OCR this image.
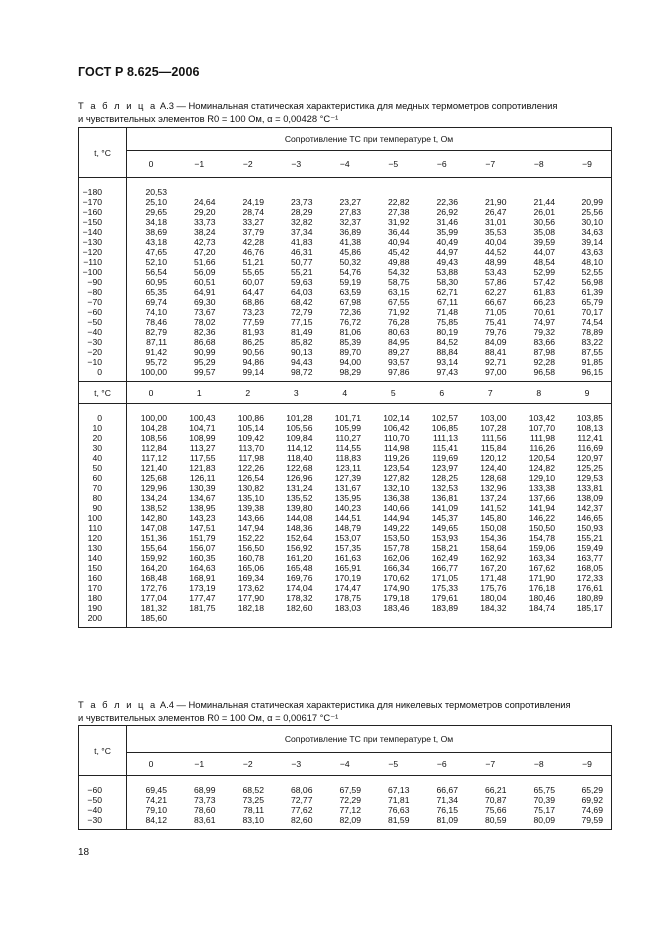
ГОСТ Р 8.625—2006
Т а б л и ц а А.3 — Номинальная статическая характеристика для медных термометров сопротивления
и чувствительных элементов R0 = 100 Ом, α = 0,00428 °С⁻¹
t, °С	Сопротивление ТС при температуре t, Ом									
	0	−1	−2	−3	−4	−5	−6	−7	−8	−9
−180	20,53									
−170	25,10	24,64	24,19	23,73	23,27	22,82	22,36	21,90	21,44	20,99
−160	29,65	29,20	28,74	28,29	27,83	27,38	26,92	26,47	26,01	25,56
−150	34,18	33,73	33,27	32,82	32,37	31,92	31,46	31,01	30,56	30,10
−140	38,69	38,24	37,79	37,34	36,89	36,44	35,99	35,53	35,08	34,63
−130	43,18	42,73	42,28	41,83	41,38	40,94	40,49	40,04	39,59	39,14
−120	47,65	47,20	46,76	46,31	45,86	45,42	44,97	44,52	44,07	43,63
−110	52,10	51,66	51,21	50,77	50,32	49,88	49,43	48,99	48,54	48,10
−100	56,54	56,09	55,65	55,21	54,76	54,32	53,88	53,43	52,99	52,55
−90	60,95	60,51	60,07	59,63	59,19	58,75	58,30	57,86	57,42	56,98
−80	65,35	64,91	64,47	64,03	63,59	63,15	62,71	62,27	61,83	61,39
−70	69,74	69,30	68,86	68,42	67,98	67,55	67,11	66,67	66,23	65,79
−60	74,10	73,67	73,23	72,79	72,36	71,92	71,48	71,05	70,61	70,17
−50	78,46	78,02	77,59	77,15	76,72	76,28	75,85	75,41	74,97	74,54
−40	82,79	82,36	81,93	81,49	81,06	80,63	80,19	79,76	79,32	78,89
−30	87,11	86,68	86,25	85,82	85,39	84,95	84,52	84,09	83,66	83,22
−20	91,42	90,99	90,56	90,13	89,70	89,27	88,84	88,41	87,98	87,55
−10	95,72	95,29	94,86	94,43	94,00	93,57	93,14	92,71	92,28	91,85
0	100,00	99,57	99,14	98,72	98,29	97,86	97,43	97,00	96,58	96,15
t, °С	0	1	2	3	4	5	6	7	8	9
0	100,00	100,43	100,86	101,28	101,71	102,14	102,57	103,00	103,42	103,85
10	104,28	104,71	105,14	105,56	105,99	106,42	106,85	107,28	107,70	108,13
20	108,56	108,99	109,42	109,84	110,27	110,70	111,13	111,56	111,98	112,41
30	112,84	113,27	113,70	114,12	114,55	114,98	115,41	115,84	116,26	116,69
40	117,12	117,55	117,98	118,40	118,83	119,26	119,69	120,12	120,54	120,97
50	121,40	121,83	122,26	122,68	123,11	123,54	123,97	124,40	124,82	125,25
60	125,68	126,11	126,54	126,96	127,39	127,82	128,25	128,68	129,10	129,53
70	129,96	130,39	130,82	131,24	131,67	132,10	132,53	132,96	133,38	133,81
80	134,24	134,67	135,10	135,52	135,95	136,38	136,81	137,24	137,66	138,09
90	138,52	138,95	139,38	139,80	140,23	140,66	141,09	141,52	141,94	142,37
100	142,80	143,23	143,66	144,08	144,51	144,94	145,37	145,80	146,22	146,65
110	147,08	147,51	147,94	148,36	148,79	149,22	149,65	150,08	150,50	150,93
120	151,36	151,79	152,22	152,64	153,07	153,50	153,93	154,36	154,78	155,21
130	155,64	156,07	156,50	156,92	157,35	157,78	158,21	158,64	159,06	159,49
140	159,92	160,35	160,78	161,20	161,63	162,06	162,49	162,92	163,34	163,77
150	164,20	164,63	165,06	165,48	165,91	166,34	166,77	167,20	167,62	168,05
160	168,48	168,91	169,34	169,76	170,19	170,62	171,05	171,48	171,90	172,33
170	172,76	173,19	173,62	174,04	174,47	174,90	175,33	175,76	176,18	176,61
180	177,04	177,47	177,90	178,32	178,75	179,18	179,61	180,04	180,46	180,89
190	181,32	181,75	182,18	182,60	183,03	183,46	183,89	184,32	184,74	185,17
200	185,60									
Т а б л и ц а А.4 — Номинальная статическая характеристика для никелевых термометров сопротивления
и чувствительных элементов R0 = 100 Ом, α = 0,00617 °С⁻¹
t, °С	Сопротивление ТС при температуре t, Ом									
	0	−1	−2	−3	−4	−5	−6	−7	−8	−9
−60	69,45	68,99	68,52	68,06	67,59	67,13	66,67	66,21	65,75	65,29
−50	74,21	73,73	73,25	72,77	72,29	71,81	71,34	70,87	70,39	69,92
−40	79,10	78,60	78,11	77,62	77,12	76,63	76,15	75,66	75,17	74,69
−30	84,12	83,61	83,10	82,60	82,09	81,59	81,09	80,59	80,09	79,59
18
